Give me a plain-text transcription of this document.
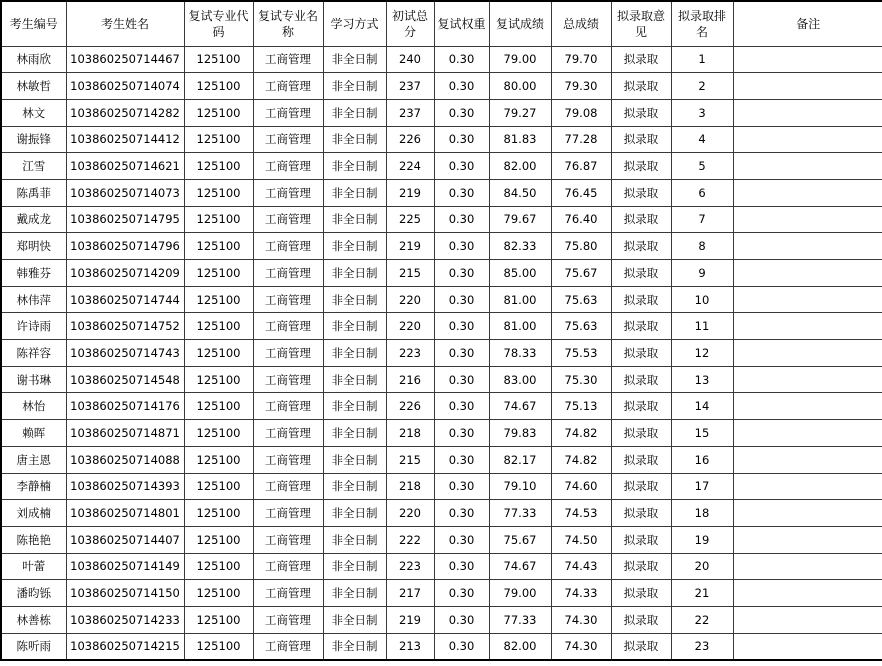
考生编号	考生姓名	复试专业代码	复试专业名称	学习方式	初试总分	复试权重	复试成绩	总成绩	拟录取意见	拟录取排名	备注
林雨欣	103860250714467	125100	工商管理	非全日制	240	0.30	79.00	79.70	拟录取	1	
林敏哲	103860250714074	125100	工商管理	非全日制	237	0.30	80.00	79.30	拟录取	2	
林文	103860250714282	125100	工商管理	非全日制	237	0.30	79.27	79.08	拟录取	3	
谢振锋	103860250714412	125100	工商管理	非全日制	226	0.30	81.83	77.28	拟录取	4	
江雪	103860250714621	125100	工商管理	非全日制	224	0.30	82.00	76.87	拟录取	5	
陈禹菲	103860250714073	125100	工商管理	非全日制	219	0.30	84.50	76.45	拟录取	6	
戴成龙	103860250714795	125100	工商管理	非全日制	225	0.30	79.67	76.40	拟录取	7	
郑明快	103860250714796	125100	工商管理	非全日制	219	0.30	82.33	75.80	拟录取	8	
韩雅芬	103860250714209	125100	工商管理	非全日制	215	0.30	85.00	75.67	拟录取	9	
林伟萍	103860250714744	125100	工商管理	非全日制	220	0.30	81.00	75.63	拟录取	10	
许诗雨	103860250714752	125100	工商管理	非全日制	220	0.30	81.00	75.63	拟录取	11	
陈祥容	103860250714743	125100	工商管理	非全日制	223	0.30	78.33	75.53	拟录取	12	
谢书琳	103860250714548	125100	工商管理	非全日制	216	0.30	83.00	75.30	拟录取	13	
林怡	103860250714176	125100	工商管理	非全日制	226	0.30	74.67	75.13	拟录取	14	
赖晖	103860250714871	125100	工商管理	非全日制	218	0.30	79.83	74.82	拟录取	15	
唐主恩	103860250714088	125100	工商管理	非全日制	215	0.30	82.17	74.82	拟录取	16	
李静楠	103860250714393	125100	工商管理	非全日制	218	0.30	79.10	74.60	拟录取	17	
刘成楠	103860250714801	125100	工商管理	非全日制	220	0.30	77.33	74.53	拟录取	18	
陈艳艳	103860250714407	125100	工商管理	非全日制	222	0.30	75.67	74.50	拟录取	19	
叶蕾	103860250714149	125100	工商管理	非全日制	223	0.30	74.67	74.43	拟录取	20	
潘昀铄	103860250714150	125100	工商管理	非全日制	217	0.30	79.00	74.33	拟录取	21	
林善栋	103860250714233	125100	工商管理	非全日制	219	0.30	77.33	74.30	拟录取	22	
陈听雨	103860250714215	125100	工商管理	非全日制	213	0.30	82.00	74.30	拟录取	23	
